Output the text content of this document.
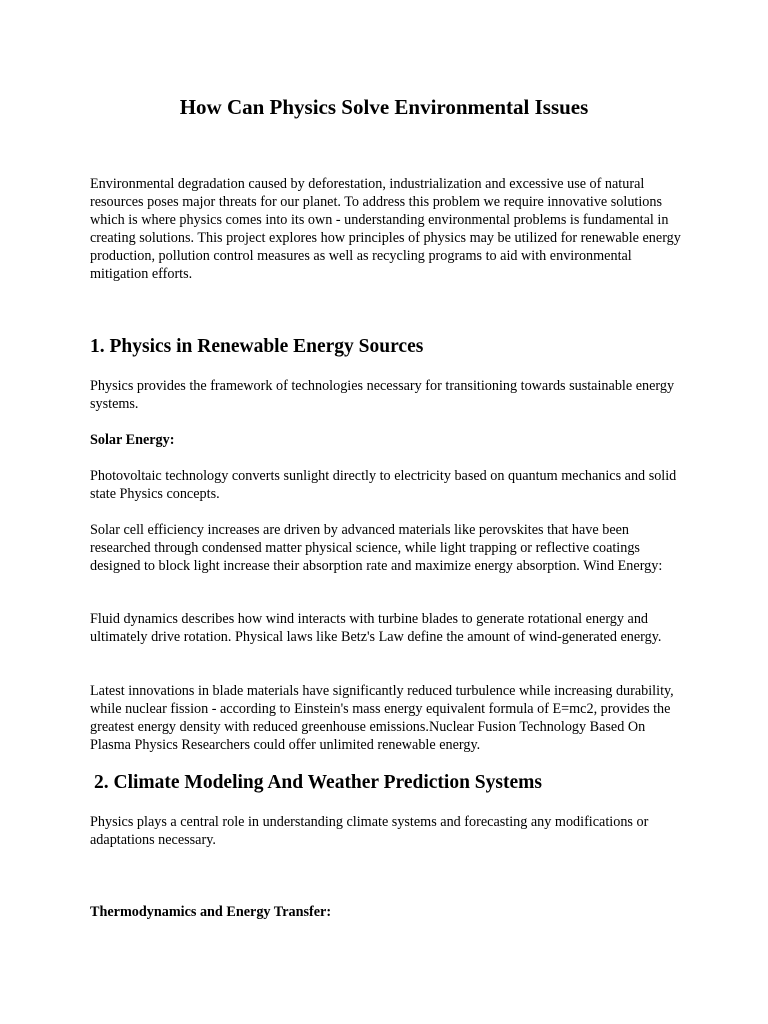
How Can Physics Solve Environmental Issues

Environmental degradation caused by deforestation, industrialization and excessive use of natural resources poses major threats for our planet. To address this problem we require innovative solutions which is where physics comes into its own - understanding environmental problems is fundamental in creating solutions. This project explores how principles of physics may be utilized for renewable energy production, pollution control measures as well as recycling programs to aid with environmental mitigation efforts.

1. Physics in Renewable Energy Sources

Physics provides the framework of technologies necessary for transitioning towards sustainable energy systems.

Solar Energy:

Photovoltaic technology converts sunlight directly to electricity based on quantum mechanics and solid state Physics concepts.

Solar cell efficiency increases are driven by advanced materials like perovskites that have been researched through condensed matter physical science, while light trapping or reflective coatings designed to block light increase their absorption rate and maximize energy absorption. Wind Energy:

Fluid dynamics describes how wind interacts with turbine blades to generate rotational energy and ultimately drive rotation. Physical laws like Betz's Law define the amount of wind-generated energy.

Latest innovations in blade materials have significantly reduced turbulence while increasing durability, while nuclear fission - according to Einstein's mass energy equivalent formula of E=mc2, provides the greatest energy density with reduced greenhouse emissions.Nuclear Fusion Technology Based On Plasma Physics Researchers could offer unlimited renewable energy.

2. Climate Modeling And Weather Prediction Systems

Physics plays a central role in understanding climate systems and forecasting any modifications or adaptations necessary.

Thermodynamics and Energy Transfer:
